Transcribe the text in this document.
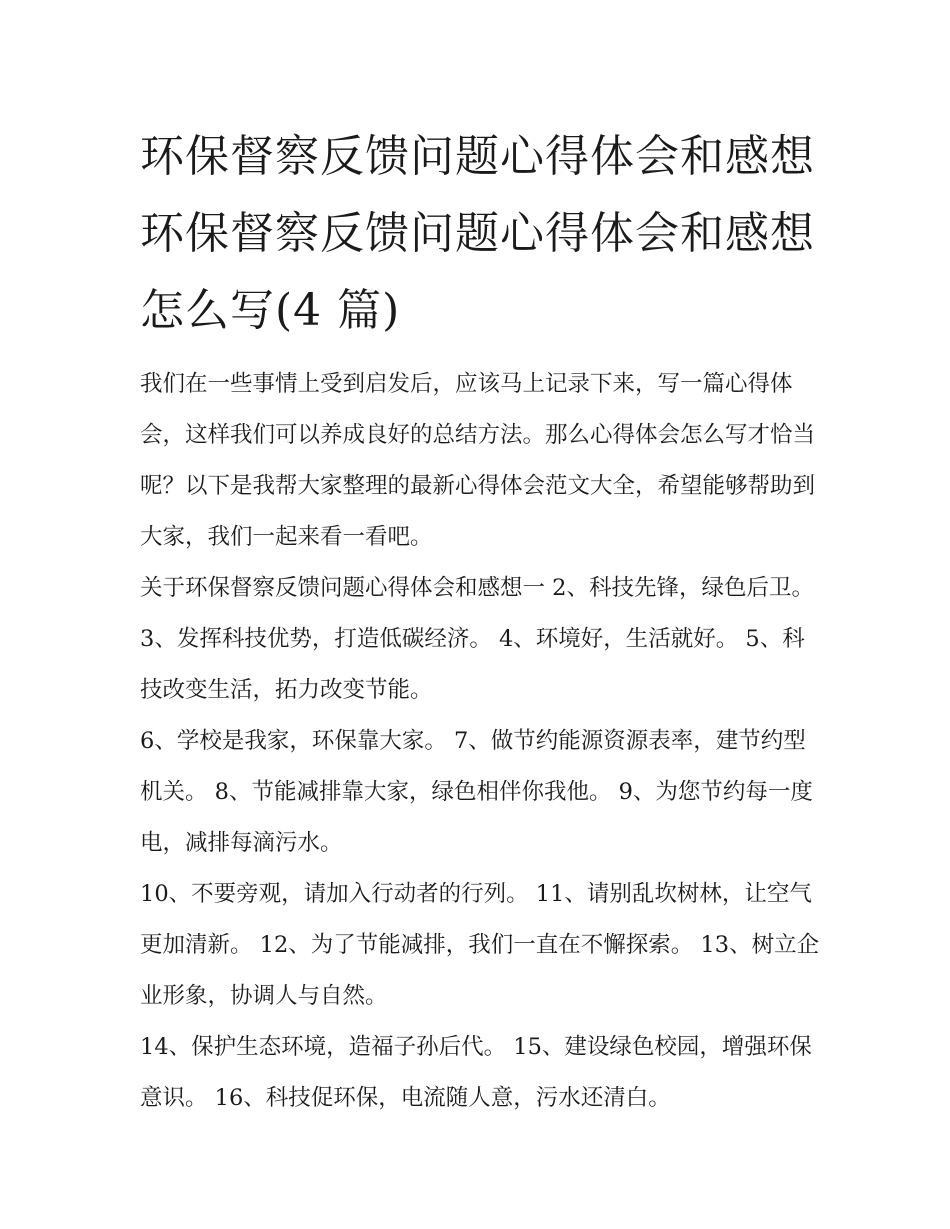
环保督察反馈问题心得体会和感想 环保督察反馈问题心得体会和感想怎么写(4 篇)

我们在一些事情上受到启发后，应该马上记录下来，写一篇心得体会，这样我们可以养成良好的总结方法。那么心得体会怎么写才恰当呢？以下是我帮大家整理的最新心得体会范文大全，希望能够帮助到大家，我们一起来看一看吧。

关于环保督察反馈问题心得体会和感想一 2、科技先锋，绿色后卫。 3、发挥科技优势，打造低碳经济。 4、环境好，生活就好。 5、科技改变生活，拓力改变节能。

6、学校是我家，环保靠大家。 7、做节约能源资源表率，建节约型机关。 8、节能减排靠大家，绿色相伴你我他。 9、为您节约每一度电，减排每滴污水。

10、不要旁观，请加入行动者的行列。 11、请别乱坎树林，让空气更加清新。 12、为了节能减排，我们一直在不懈探索。 13、树立企业形象，协调人与自然。

14、保护生态环境，造福子孙后代。 15、建设绿色校园，增强环保意识。 16、科技促环保，电流随人意，污水还清白。
